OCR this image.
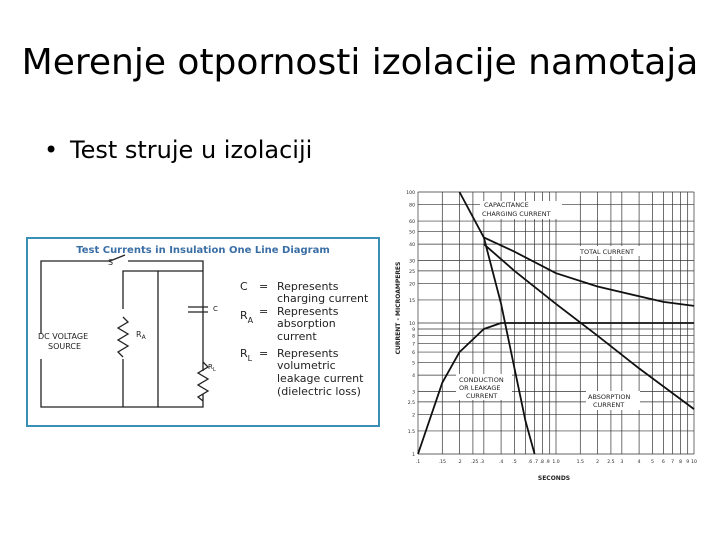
Merenje otpornosti izolacije namotaja
• Test struje u izolaciji
Test Currents in Insulation One Line Diagram
S
DC VOLTAGE
SOURCE
C
$R_A$
$R_L$
C = Represents
charging current
$R_A$
= Represents
absorption
current
$R_L$ = Represents
volumetric
leakage current
(dielectric loss)
.1	.15 .2 .25 .3	.4 .5 .6 .7 .8 .9 1.0	1.5	2 2.5 3	4 5 6 7 8 9 10
100
80
60
50
40
30
25
20
15
10
9
8
7
6
5
4
3
2.5
2
1.5
1
SECONDS
CURRENT - MICROAMPERES
CAPACITANCE
CHARGING CURRENT
TOTAL CURRENT
CONDUCTION
OR LEAKAGE
CURRENT	ABSORPTION
CURRENT
